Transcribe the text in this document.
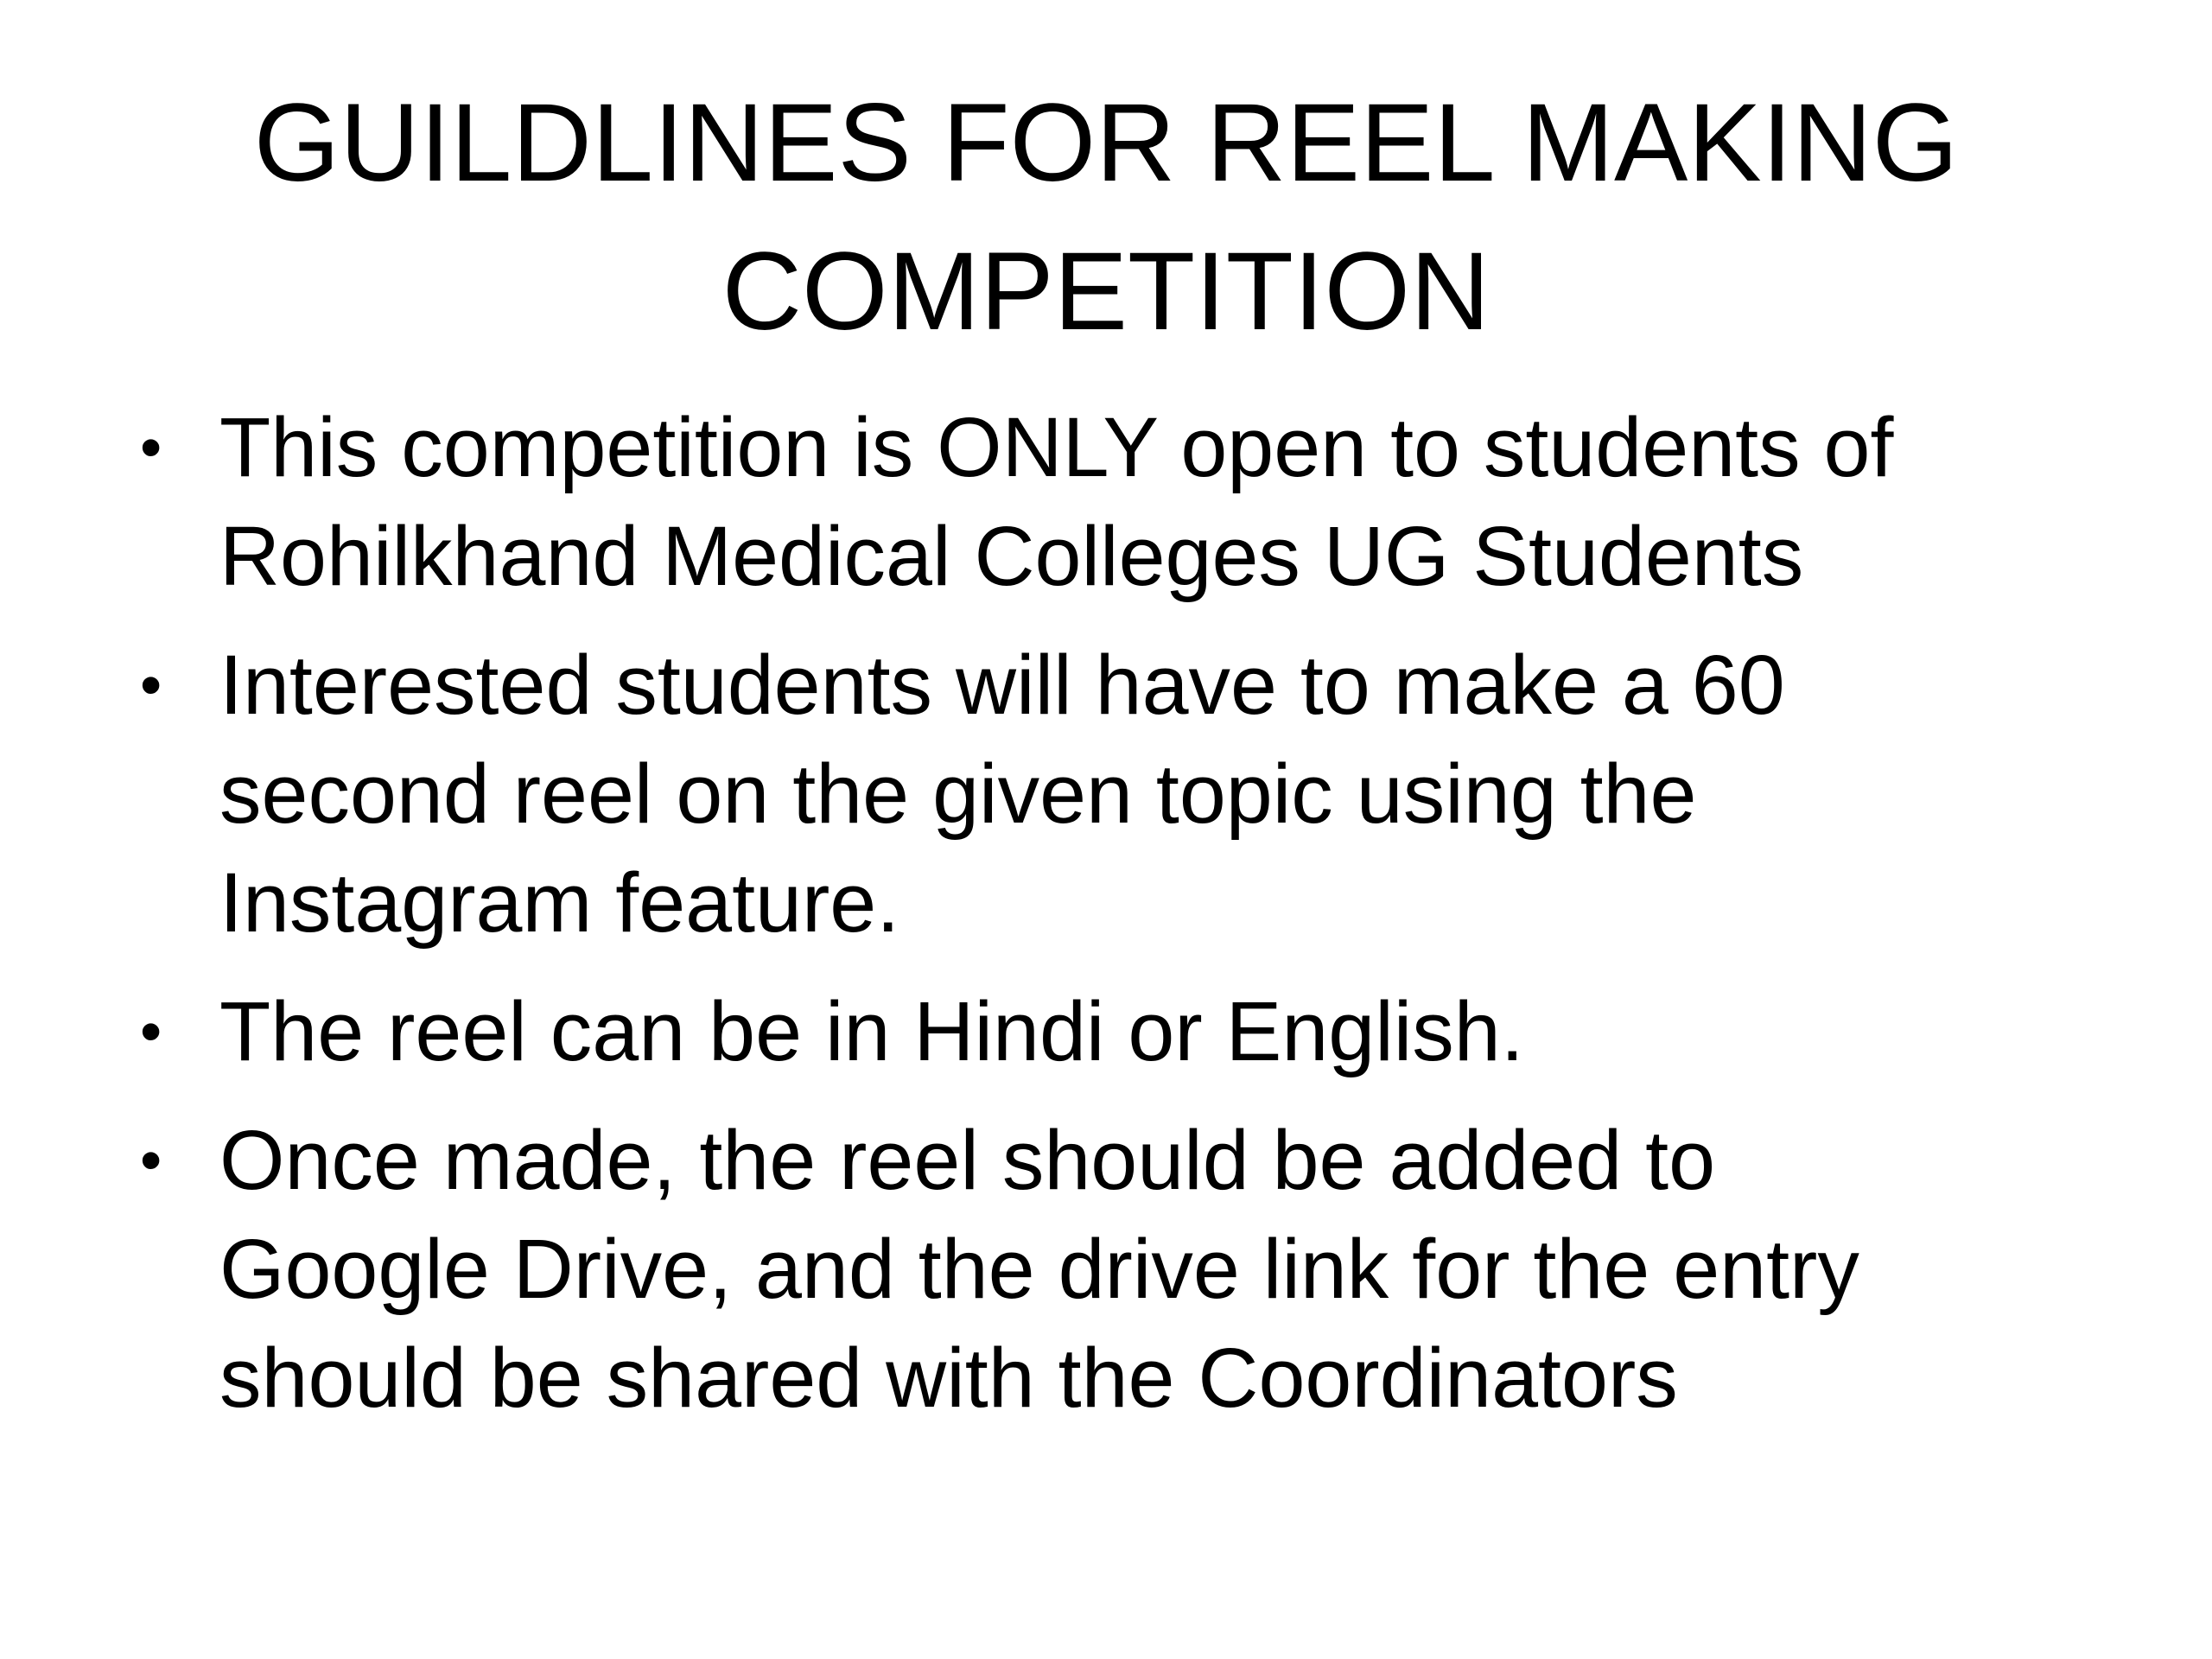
GUILDLINES FOR REEL MAKING
COMPETITION
• This competition is ONLY open to students of
Rohilkhand Medical Colleges UG Students
• Interested students will have to make a 60
second reel on the given topic using the
Instagram feature.
• The reel can be in Hindi or English.
• Once made, the reel should be added to
Google Drive, and the drive link for the entry
should be shared with the Coordinators
